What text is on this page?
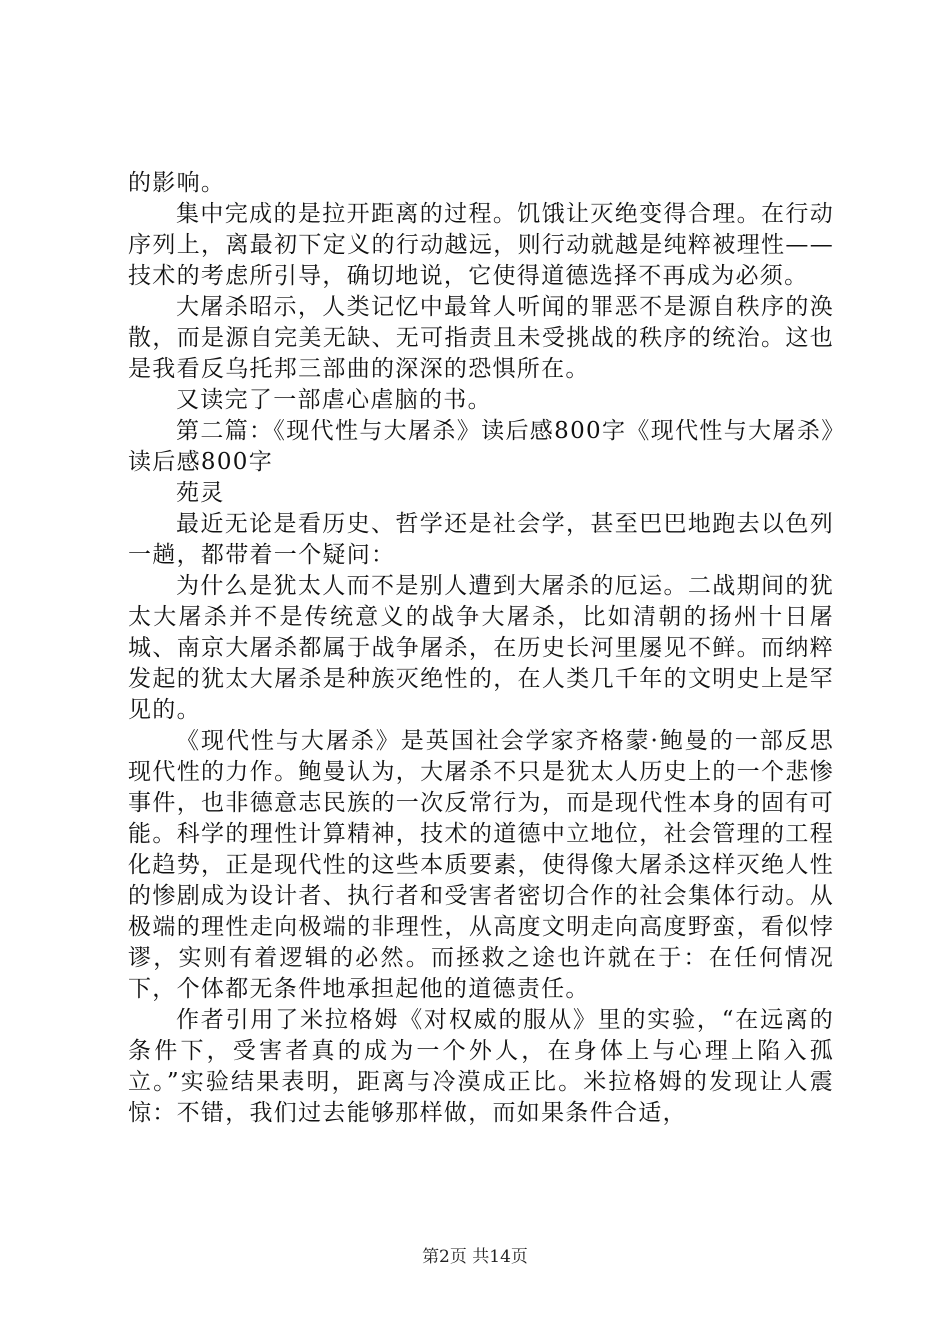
的影响。

集中完成的是拉开距离的过程。饥饿让灭绝变得合理。在行动序列上，离最初下定义的行动越远，则行动就越是纯粹被理性——技术的考虑所引导，确切地说，它使得道德选择不再成为必须。

大屠杀昭示，人类记忆中最耸人听闻的罪恶不是源自秩序的涣散，而是源自完美无缺、无可指责且未受挑战的秩序的统治。这也是我看反乌托邦三部曲的深深的恐惧所在。

又读完了一部虐心虐脑的书。

第二篇：《现代性与大屠杀》读后感800字《现代性与大屠杀》读后感800字

苑灵

最近无论是看历史、哲学还是社会学，甚至巴巴地跑去以色列一趟，都带着一个疑问：

为什么是犹太人而不是别人遭到大屠杀的厄运。二战期间的犹太大屠杀并不是传统意义的战争大屠杀，比如清朝的扬州十日屠城、南京大屠杀都属于战争屠杀，在历史长河里屡见不鲜。而纳粹发起的犹太大屠杀是种族灭绝性的，在人类几千年的文明史上是罕见的。

《现代性与大屠杀》是英国社会学家齐格蒙·鲍曼的一部反思现代性的力作。鲍曼认为，大屠杀不只是犹太人历史上的一个悲惨事件，也非德意志民族的一次反常行为，而是现代性本身的固有可能。科学的理性计算精神，技术的道德中立地位，社会管理的工程化趋势，正是现代性的这些本质要素，使得像大屠杀这样灭绝人性的惨剧成为设计者、执行者和受害者密切合作的社会集体行动。从极端的理性走向极端的非理性，从高度文明走向高度野蛮，看似悖谬，实则有着逻辑的必然。而拯救之途也许就在于：在任何情况下，个体都无条件地承担起他的道德责任。

作者引用了米拉格姆《对权威的服从》里的实验，“在远离的条件下，受害者真的成为一个外人，在身体上与心理上陷入孤立。”实验结果表明，距离与冷漠成正比。米拉格姆的发现让人震惊：不错，我们过去能够那样做，而如果条件合适，

第2页 共14页
